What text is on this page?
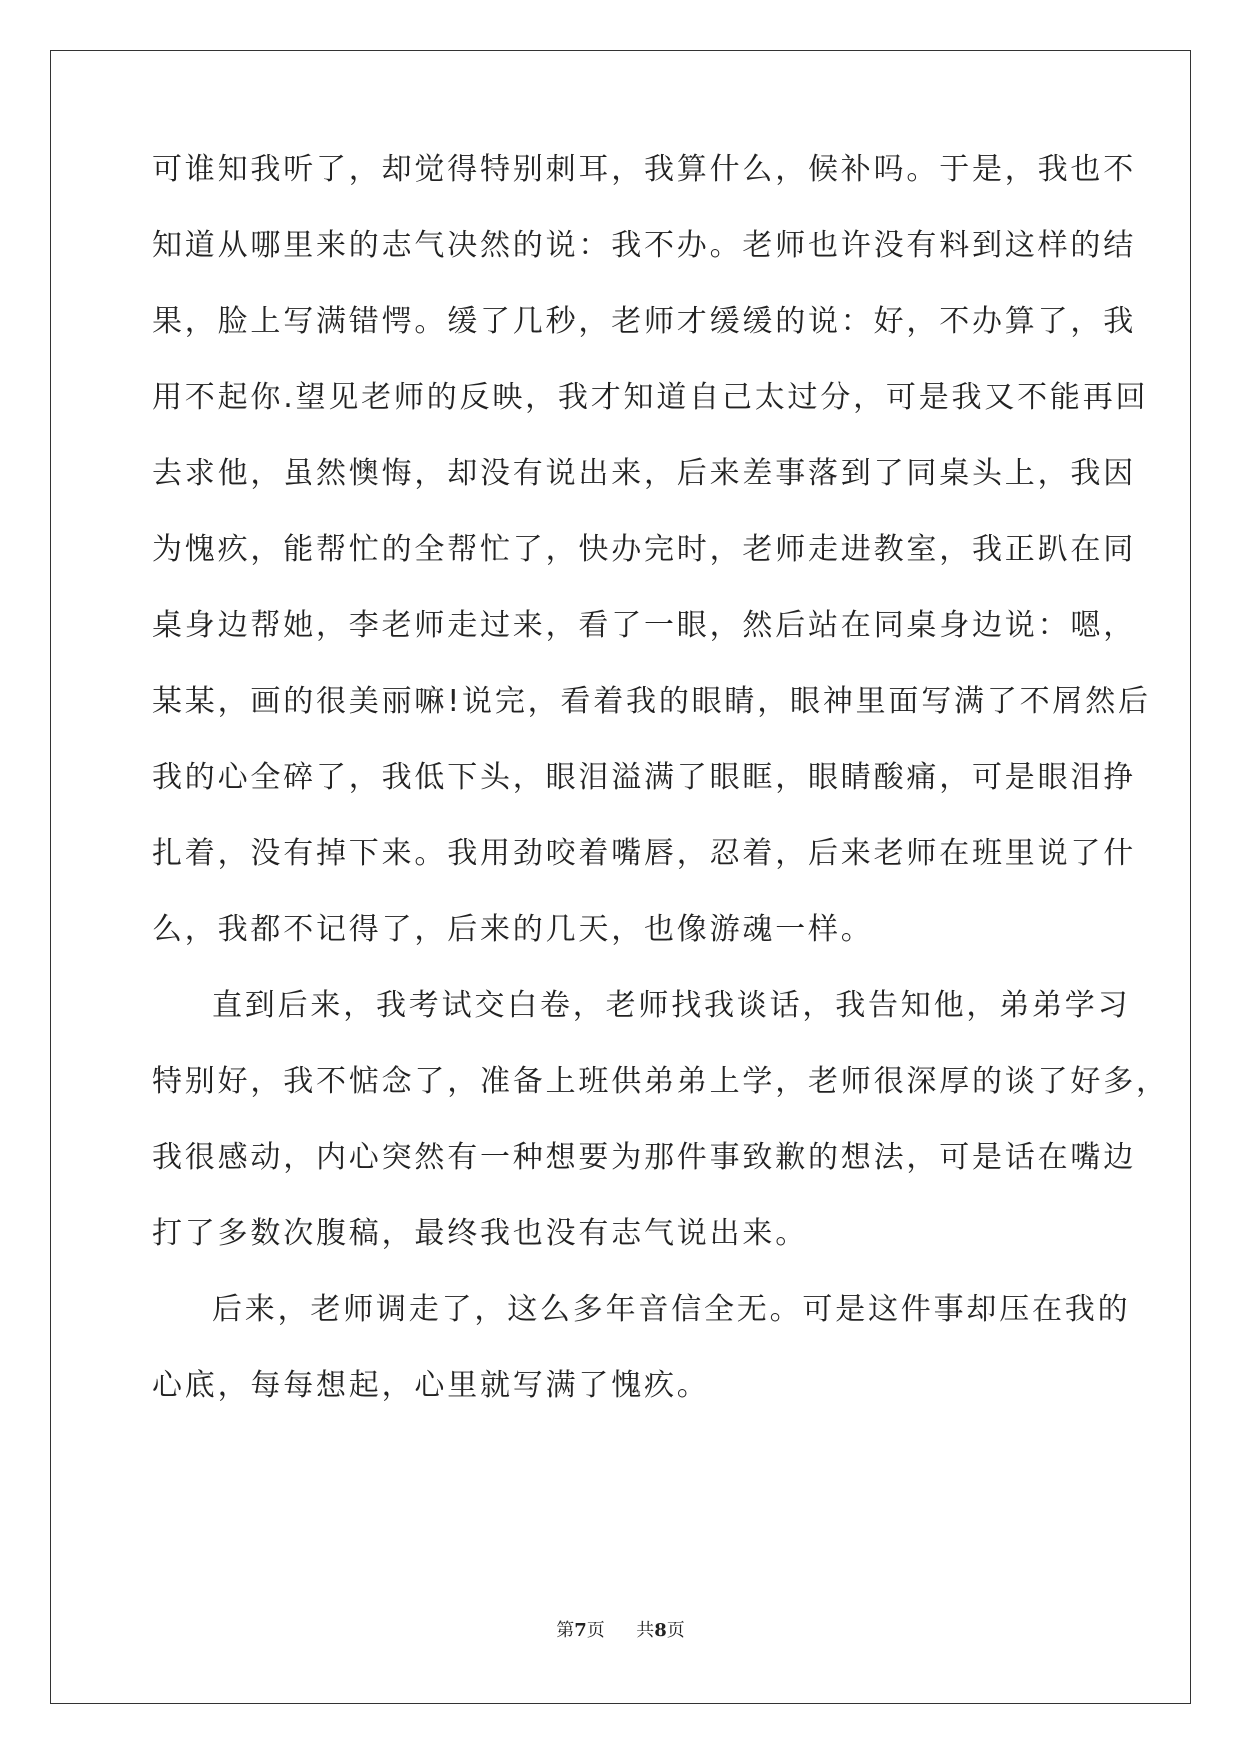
可谁知我听了，却觉得特别刺耳，我算什么，候补吗。于是，我也不
知道从哪里来的志气决然的说：我不办。老师也许没有料到这样的结
果，脸上写满错愕。缓了几秒，老师才缓缓的说：好，不办算了，我
用不起你.望见老师的反映，我才知道自己太过分，可是我又不能再回
去求他，虽然懊悔，却没有说出来，后来差事落到了同桌头上，我因
为愧疚，能帮忙的全帮忙了，快办完时，老师走进教室，我正趴在同
桌身边帮她，李老师走过来，看了一眼，然后站在同桌身边说：嗯，
某某，画的很美丽嘛!说完，看着我的眼睛，眼神里面写满了不屑然后
我的心全碎了，我低下头，眼泪溢满了眼眶，眼睛酸痛，可是眼泪挣
扎着，没有掉下来。我用劲咬着嘴唇，忍着，后来老师在班里说了什
么，我都不记得了，后来的几天，也像游魂一样。
直到后来，我考试交白卷，老师找我谈话，我告知他，弟弟学习
特别好，我不惦念了，准备上班供弟弟上学，老师很深厚的谈了好多，
我很感动，内心突然有一种想要为那件事致歉的想法，可是话在嘴边
打了多数次腹稿，最终我也没有志气说出来。
后来，老师调走了，这么多年音信全无。可是这件事却压在我的
心底，每每想起，心里就写满了愧疚。
第7页 共8页
